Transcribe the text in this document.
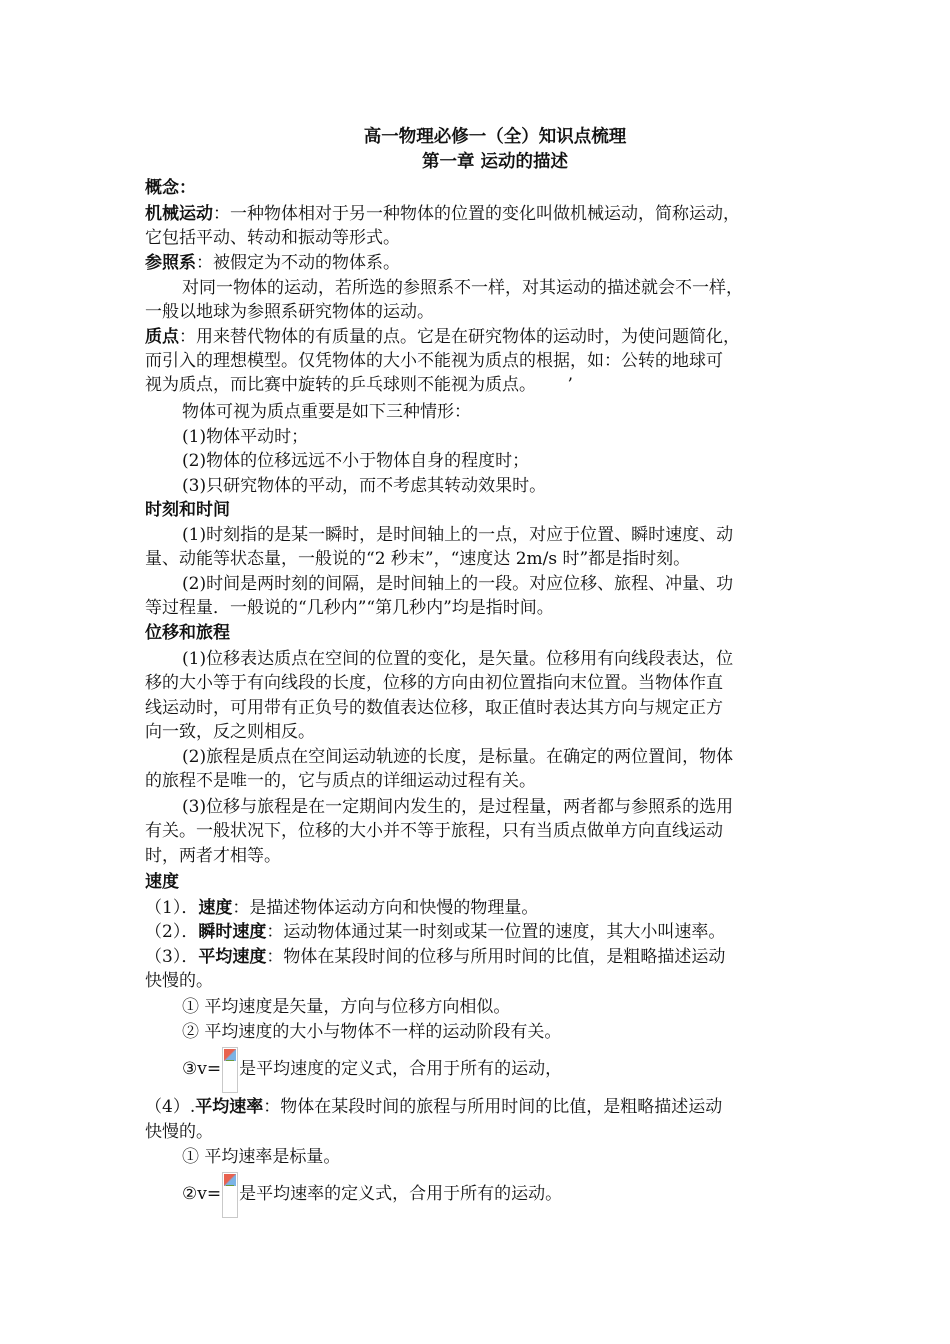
高一物理必修一（全）知识点梳理
第一章 运动的描述
概念：
机械运动：一种物体相对于另一种物体的位置的变化叫做机械运动，简称运动，
它包括平动、转动和振动等形式。
参照系：被假定为不动的物体系。
对同一物体的运动，若所选的参照系不一样，对其运动的描述就会不一样，
一般以地球为参照系研究物体的运动。
质点：用来替代物体的有质量的点。它是在研究物体的运动时，为使问题简化，
而引入的理想模型。仅凭物体的大小不能视为质点的根据，如：公转的地球可
视为质点，而比赛中旋转的乒乓球则不能视为质点。 ’
物体可视为质点重要是如下三种情形：
(1)物体平动时；
(2)物体的位移远远不小于物体自身的程度时；
(3)只研究物体的平动，而不考虑其转动效果时。
时刻和时间
(1)时刻指的是某一瞬时，是时间轴上的一点，对应于位置、瞬时速度、动
量、动能等状态量，一般说的“2 秒末”，“速度达 2m/s 时”都是指时刻。
(2)时间是两时刻的间隔，是时间轴上的一段。对应位移、旅程、冲量、功
等过程量．一般说的“几秒内”“第几秒内”均是指时间。
位移和旅程
(1)位移表达质点在空间的位置的变化，是矢量。位移用有向线段表达，位
移的大小等于有向线段的长度，位移的方向由初位置指向末位置。当物体作直
线运动时，可用带有正负号的数值表达位移，取正值时表达其方向与规定正方
向一致，反之则相反。
(2)旅程是质点在空间运动轨迹的长度，是标量。在确定的两位置间，物体
的旅程不是唯一的，它与质点的详细运动过程有关。
(3)位移与旅程是在一定期间内发生的，是过程量，两者都与参照系的选用
有关。一般状况下，位移的大小并不等于旅程，只有当质点做单方向直线运动
时，两者才相等。
速度
（1）．速度：是描述物体运动方向和快慢的物理量。
（2）．瞬时速度：运动物体通过某一时刻或某一位置的速度，其大小叫速率。
（3）．平均速度：物体在某段时间的位移与所用时间的比值，是粗略描述运动
快慢的。
① 平均速度是矢量，方向与位移方向相似。
② 平均速度的大小与物体不一样的运动阶段有关。
③v= 是平均速度的定义式，合用于所有的运动，
（4）.平均速率：物体在某段时间的旅程与所用时间的比值，是粗略描述运动
快慢的。
① 平均速率是标量。
②v= 是平均速率的定义式，合用于所有的运动。
